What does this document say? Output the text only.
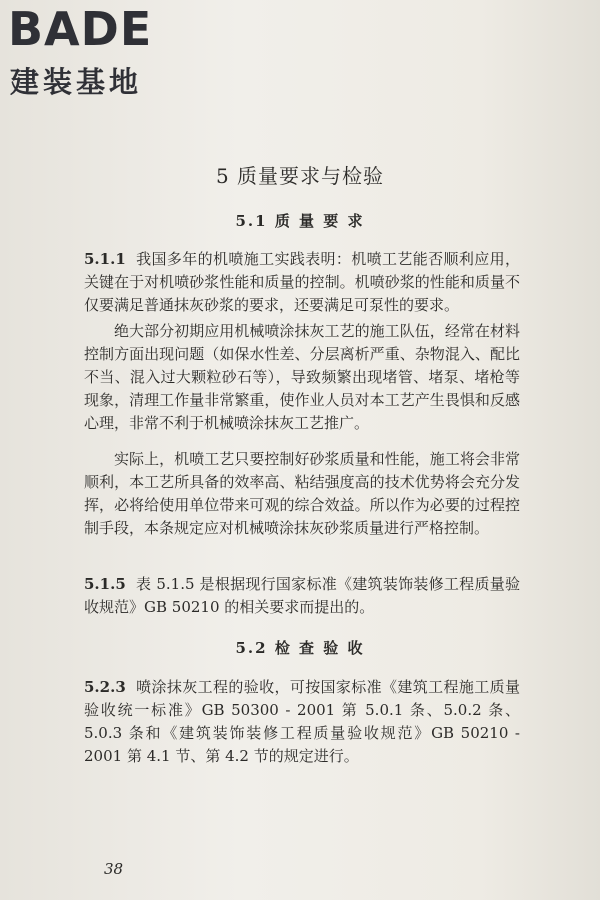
BADE
建装基地
5 质量要求与检验
5.1 质 量 要 求

5.1.1 我国多年的机喷施工实践表明：机喷工艺能否顺利应用，关键在于对机喷砂浆性能和质量的控制。机喷砂浆的性能和质量不仅要满足普通抹灰砂浆的要求，还要满足可泵性的要求。

绝大部分初期应用机械喷涂抹灰工艺的施工队伍，经常在材料控制方面出现问题（如保水性差、分层离析严重、杂物混入、配比不当、混入过大颗粒砂石等），导致频繁出现堵管、堵泵、堵枪等现象，清理工作量非常繁重，使作业人员对本工艺产生畏惧和反感心理，非常不利于机械喷涂抹灰工艺推广。

实际上，机喷工艺只要控制好砂浆质量和性能，施工将会非常顺利，本工艺所具备的效率高、粘结强度高的技术优势将会充分发挥，必将给使用单位带来可观的综合效益。所以作为必要的过程控制手段，本条规定应对机械喷涂抹灰砂浆质量进行严格控制。

5.1.5 表 5.1.5 是根据现行国家标准《建筑装饰装修工程质量验收规范》GB 50210 的相关要求而提出的。

5.2 检 查 验 收

5.2.3 喷涂抹灰工程的验收，可按国家标准《建筑工程施工质量验收统一标准》GB 50300 - 2001 第 5.0.1 条、5.0.2 条、5.0.3 条和《建筑装饰装修工程质量验收规范》GB 50210 - 2001 第 4.1 节、第 4.2 节的规定进行。

38
